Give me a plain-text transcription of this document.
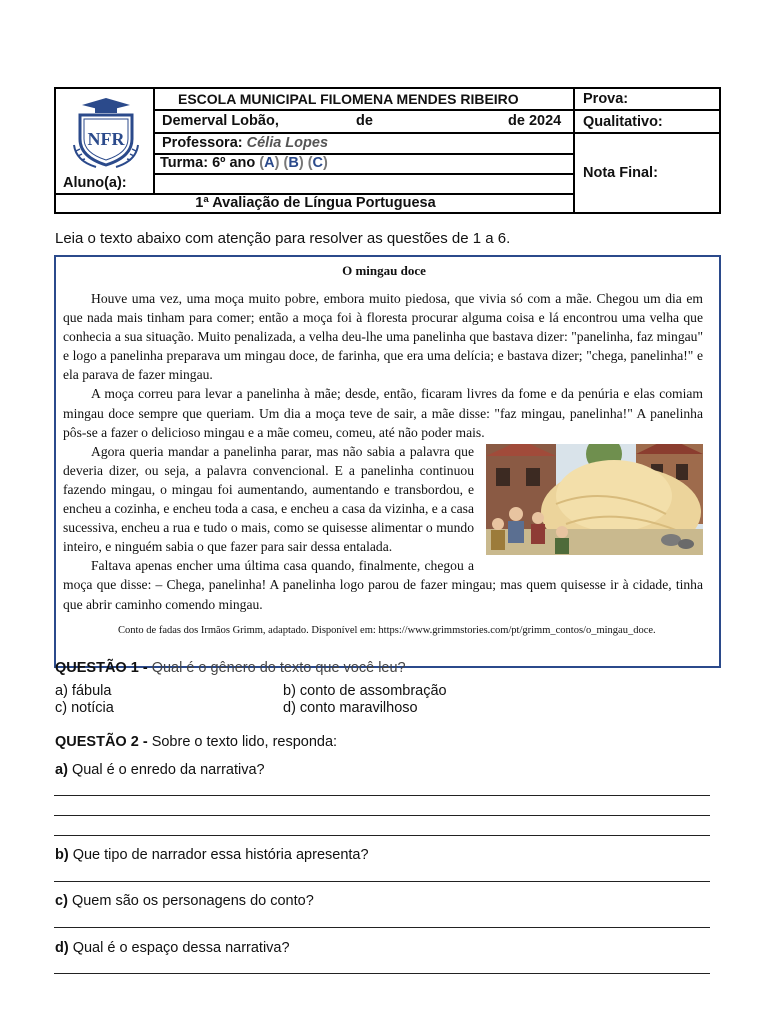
NFR
ESCOLA MUNICIPAL FILOMENA MENDES RIBEIRO
Demerval Lobão,	de	de 2024
Professora: Célia Lopes
Turma: 6º ano (A) (B) (C)
Aluno(a):
1ª Avaliação de Língua Portuguesa
Prova:
Qualitativo:
Nota Final:
Leia o texto abaixo com atenção para resolver as questões de 1 a 6.
O mingau doce

Houve uma vez, uma moça muito pobre, embora muito piedosa, que vivia só com a mãe. Chegou um dia em que nada mais tinham para comer; então a moça foi à floresta procurar alguma coisa e lá encontrou uma velha que conhecia a sua situação. Muito penalizada, a velha deu-lhe uma panelinha que bastava dizer: "panelinha, faz mingau" e logo a panelinha preparava um mingau doce, de farinha, que era uma delícia; e bastava dizer; "chega, panelinha!" e ela parava de fazer mingau.

A moça correu para levar a panelinha à mãe; desde, então, ficaram livres da fome e da penúria e elas comiam mingau doce sempre que queriam. Um dia a moça teve de sair, a mãe disse: "faz mingau, panelinha!" A panelinha pôs-se a fazer o delicioso mingau e a mãe comeu, comeu, até não poder mais.

Agora queria mandar a panelinha parar, mas não sabia a palavra que deveria dizer, ou seja, a palavra convencional. E a panelinha continuou fazendo mingau, o mingau foi aumentando, aumentando e transbordou, e encheu a cozinha, e encheu toda a casa, e encheu a casa da vizinha, e a casa sucessiva, encheu a rua e tudo o mais, como se quisesse alimentar o mundo inteiro, e ninguém sabia o que fazer para sair dessa entalada.

Faltava apenas encher uma última casa quando, finalmente, chegou a moça que disse: – Chega, panelinha! A panelinha logo parou de fazer mingau; mas quem quisesse ir à cidade, tinha que abrir caminho comendo mingau.

Conto de fadas dos Irmãos Grimm, adaptado. Disponível em: https://www.grimmstories.com/pt/grimm_contos/o_mingau_doce.
QUESTÃO 1 - Qual é o gênero do texto que você leu?
a) fábula	b) conto de assombração
c) notícia	d) conto maravilhoso
QUESTÃO 2 - Sobre o texto lido, responda:
a) Qual é o enredo da narrativa?
b) Que tipo de narrador essa história apresenta?
c) Quem são os personagens do conto?
d) Qual é o espaço dessa narrativa?
